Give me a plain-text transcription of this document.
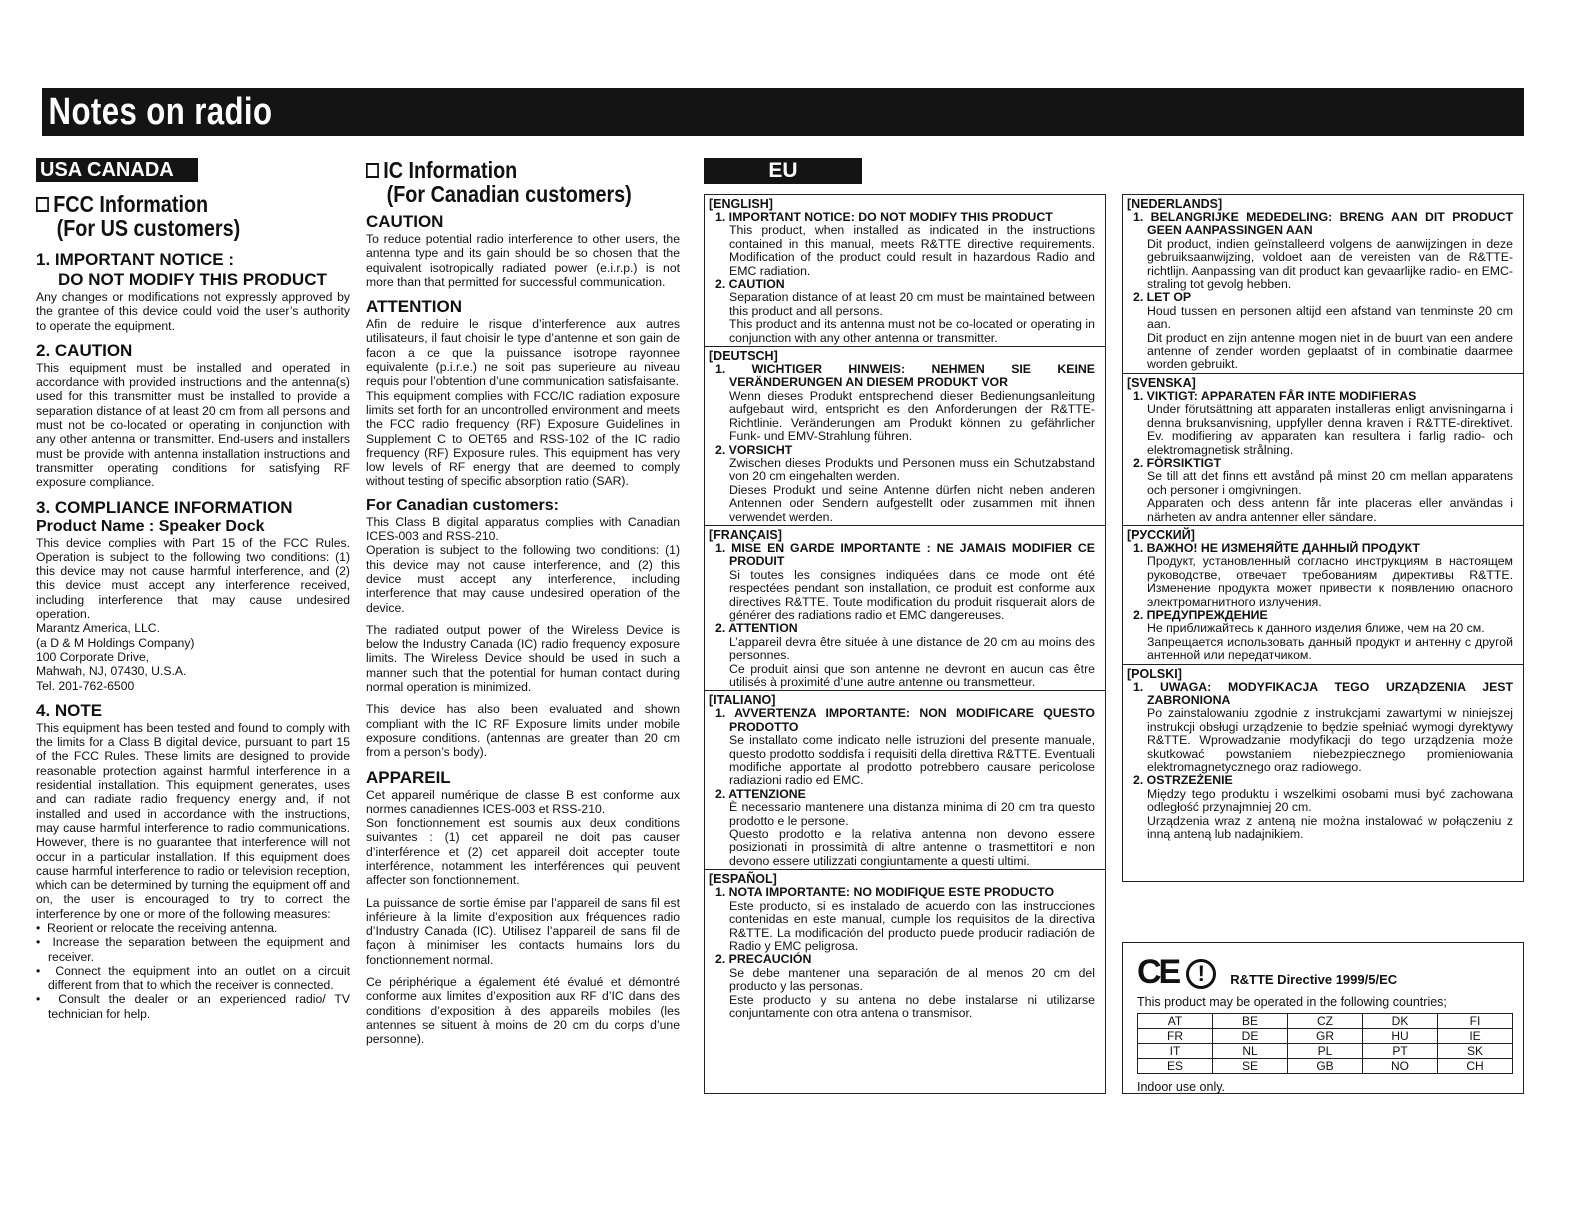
Notes on radio
USA CANADA
FCC Information
(For US customers)
1. IMPORTANT NOTICE :
DO NOT MODIFY THIS PRODUCT
Any changes or modifications not expressly approved by the grantee of this device could void the user’s authority to operate the equipment.
2. CAUTION
This equipment must be installed and operated in accordance with provided instructions and the antenna(s) used for this transmitter must be installed to provide a separation distance of at least 20 cm from all persons and must not be co-located or operating in conjunction with any other antenna or transmitter. End-users and installers must be provide with antenna installation instructions and transmitter operating conditions for satisfying RF exposure compliance.
3. COMPLIANCE INFORMATION
Product Name : Speaker Dock
This device complies with Part 15 of the FCC Rules. Operation is subject to the following two conditions: (1) this device may not cause harmful interference, and (2) this device must accept any interference received, including interference that may cause undesired operation.
Marantz America, LLC.
(a D & M Holdings Company)
100 Corporate Drive,
Mahwah, NJ, 07430, U.S.A.
Tel. 201-762-6500
4. NOTE
This equipment has been tested and found to comply with the limits for a Class B digital device, pursuant to part 15 of the FCC Rules. These limits are designed to provide reasonable protection against harmful interference in a residential installation. This equipment generates, uses and can radiate radio frequency energy and, if not installed and used in accordance with the instructions, may cause harmful interference to radio communications. However, there is no guarantee that interference will not occur in a particular installation. If this equipment does cause harmful interference to radio or television reception, which can be determined by turning the equipment off and on, the user is encouraged to try to correct the interference by one or more of the following measures:
•  Reorient or relocate the receiving antenna.
•  Increase the separation between the equipment and receiver.
•  Connect the equipment into an outlet on a circuit different from that to which the receiver is connected.
•  Consult the dealer or an experienced radio/ TV technician for help.
IC Information
(For Canadian customers)
CAUTION
To reduce potential radio interference to other users, the antenna type and its gain should be so chosen that the equivalent isotropically radiated power (e.i.r.p.) is not more than that permitted for successful communication.
ATTENTION
Afin de reduire le risque d’interference aux autres utilisateurs, il faut choisir le type d’antenne et son gain de facon a ce que la puissance isotrope rayonnee equivalente (p.i.r.e.) ne soit pas superieure au niveau requis pour l’obtention d’une communication satisfaisante.
This equipment complies with FCC/IC radiation exposure limits set forth for an uncontrolled environment and meets the FCC radio frequency (RF) Exposure Guidelines in Supplement C to OET65 and RSS-102 of the IC radio frequency (RF) Exposure rules. This equipment has very low levels of RF energy that are deemed to comply without testing of specific absorption ratio (SAR).
For Canadian customers:
This Class B digital apparatus complies with Canadian ICES-003 and RSS-210.
Operation is subject to the following two conditions: (1) this device may not cause interference, and (2) this device must accept any interference, including interference that may cause undesired operation of the device.
The radiated output power of the Wireless Device is below the Industry Canada (IC) radio frequency exposure limits. The Wireless Device should be used in such a manner such that the potential for human contact during normal operation is minimized.
This device has also been evaluated and shown compliant with the IC RF Exposure limits under mobile exposure conditions. (antennas are greater than 20 cm from a person’s body).
APPAREIL
Cet appareil numérique de classe B est conforme aux normes canadiennes ICES-003 et RSS-210.
Son fonctionnement est soumis aux deux conditions suivantes : (1) cet appareil ne doit pas causer d’interférence et (2) cet appareil doit accepter toute interférence, notamment les interférences qui peuvent affecter son fonctionnement.
La puissance de sortie émise par l’appareil de sans fil est inférieure à la limite d’exposition aux fréquences radio d’Industry Canada (IC). Utilisez l’appareil de sans fil de façon à minimiser les contacts humains lors du fonctionnement normal.
Ce périphérique a également été évalué et démontré conforme aux limites d’exposition aux RF d’IC dans des conditions d’exposition à des appareils mobiles (les antennes se situent à moins de 20 cm du corps d’une personne).
EU
[ENGLISH]
1. IMPORTANT NOTICE: DO NOT MODIFY THIS PRODUCT
This product, when installed as indicated in the instructions contained in this manual, meets R&TTE directive requirements. Modification of the product could result in hazardous Radio and EMC radiation.
2. CAUTION
Separation distance of at least 20 cm must be maintained between this product and all persons.
This product and its antenna must not be co-located or operating in conjunction with any other antenna or transmitter.
[DEUTSCH]
1. WICHTIGER HINWEIS: NEHMEN SIE KEINE VERÄNDERUNGEN AN DIESEM PRODUKT VOR
Wenn dieses Produkt entsprechend dieser Bedienungsanleitung aufgebaut wird, entspricht es den Anforderungen der R&TTE-Richtlinie. Veränderungen am Produkt können zu gefährlicher Funk- und EMV-Strahlung führen.
2. VORSICHT
Zwischen dieses Produkts und Personen muss ein Schutzabstand von 20 cm eingehalten werden.
Dieses Produkt und seine Antenne dürfen nicht neben anderen Antennen oder Sendern aufgestellt oder zusammen mit ihnen verwendet werden.
[FRANÇAIS]
1. MISE EN GARDE IMPORTANTE : NE JAMAIS MODIFIER CE PRODUIT
Si toutes les consignes indiquées dans ce mode ont été respectées pendant son installation, ce produit est conforme aux directives R&TTE. Toute modification du produit risquerait alors de générer des radiations radio et EMC dangereuses.
2. ATTENTION
L’appareil devra être située à une distance de 20 cm au moins des personnes.
Ce produit ainsi que son antenne ne devront en aucun cas être utilisés à proximité d’une autre antenne ou transmetteur.
[ITALIANO]
1. AVVERTENZA IMPORTANTE: NON MODIFICARE QUESTO PRODOTTO
Se installato come indicato nelle istruzioni del presente manuale, questo prodotto soddisfa i requisiti della direttiva R&TTE. Eventuali modifiche apportate al prodotto potrebbero causare pericolose radiazioni radio ed EMC.
2. ATTENZIONE
È necessario mantenere una distanza minima di 20 cm tra questo prodotto e le persone.
Questo prodotto e la relativa antenna non devono essere posizionati in prossimità di altre antenne o trasmettitori e non devono essere utilizzati congiuntamente a questi ultimi.
[ESPAÑOL]
1. NOTA IMPORTANTE: NO MODIFIQUE ESTE PRODUCTO
Este producto, si es instalado de acuerdo con las instrucciones contenidas en este manual, cumple los requisitos de la directiva R&TTE. La modificación del producto puede producir radiación de Radio y EMC peligrosa.
2. PRECAUCIÓN
Se debe mantener una separación de al menos 20 cm del producto y las personas.
Este producto y su antena no debe instalarse ni utilizarse conjuntamente con otra antena o transmisor.
[NEDERLANDS]
1. BELANGRIJKE MEDEDELING: BRENG AAN DIT PRODUCT GEEN AANPASSINGEN AAN
Dit product, indien geïnstalleerd volgens de aanwijzingen in deze gebruiksaanwijzing, voldoet aan de vereisten van de R&TTE-richtlijn. Aanpassing van dit product kan gevaarlijke radio- en EMC-straling tot gevolg hebben.
2. LET OP
Houd tussen en personen altijd een afstand van tenminste 20 cm aan.
Dit product en zijn antenne mogen niet in de buurt van een andere antenne of zender worden geplaatst of in combinatie daarmee worden gebruikt.
[SVENSKA]
1. VIKTIGT: APPARATEN FÅR INTE MODIFIERAS
Under förutsättning att apparaten installeras enligt anvisningarna i denna bruksanvisning, uppfyller denna kraven i R&TTE-direktivet. Ev. modifiering av apparaten kan resultera i farlig radio- och elektromagnetisk strålning.
2. FÖRSIKTIGT
Se till att det finns ett avstånd på minst 20 cm mellan apparatens och personer i omgivningen.
Apparaten och dess antenn får inte placeras eller användas i närheten av andra antenner eller sändare.
[РУССКИЙ]
1. ВАЖНО! НЕ ИЗМЕНЯЙТЕ ДАННЫЙ ПРОДУКТ
Продукт, установленный согласно инструкциям в настоящем руководстве, отвечает требованиям директивы R&TTE. Изменение продукта может привести к появлению опасного электромагнитного излучения.
2. ПРЕДУПРЕЖДЕНИЕ
Не приближайтесь к данного изделия ближе, чем на 20 см.
Запрещается использовать данный продукт и антенну с другой антенной или передатчиком.
[POLSKI]
1. UWAGA: MODYFIKACJA TEGO URZĄDZENIA JEST ZABRONIONA
Po zainstalowaniu zgodnie z instrukcjami zawartymi w niniejszej instrukcji obsługi urządzenie to będzie spełniać wymogi dyrektywy R&TTE. Wprowadzanie modyfikacji do tego urządzenia może skutkować powstaniem niebezpiecznego promieniowania elektromagnetycznego oraz radiowego.
2. OSTRZEŻENIE
Między tego produktu i wszelkimi osobami musi być zachowana odległość przynajmniej 20 cm.
Urządzenia wraz z anteną nie można instalować w połączeniu z inną anteną lub nadajnikiem.
CE !	R&TTE Directive 1999/5/EC
This product may be operated in the following countries;
AT	BE	CZ	DK	FI
FR	DE	GR	HU	IE
IT	NL	PL	PT	SK
ES	SE	GB	NO	CH
Indoor use only.
